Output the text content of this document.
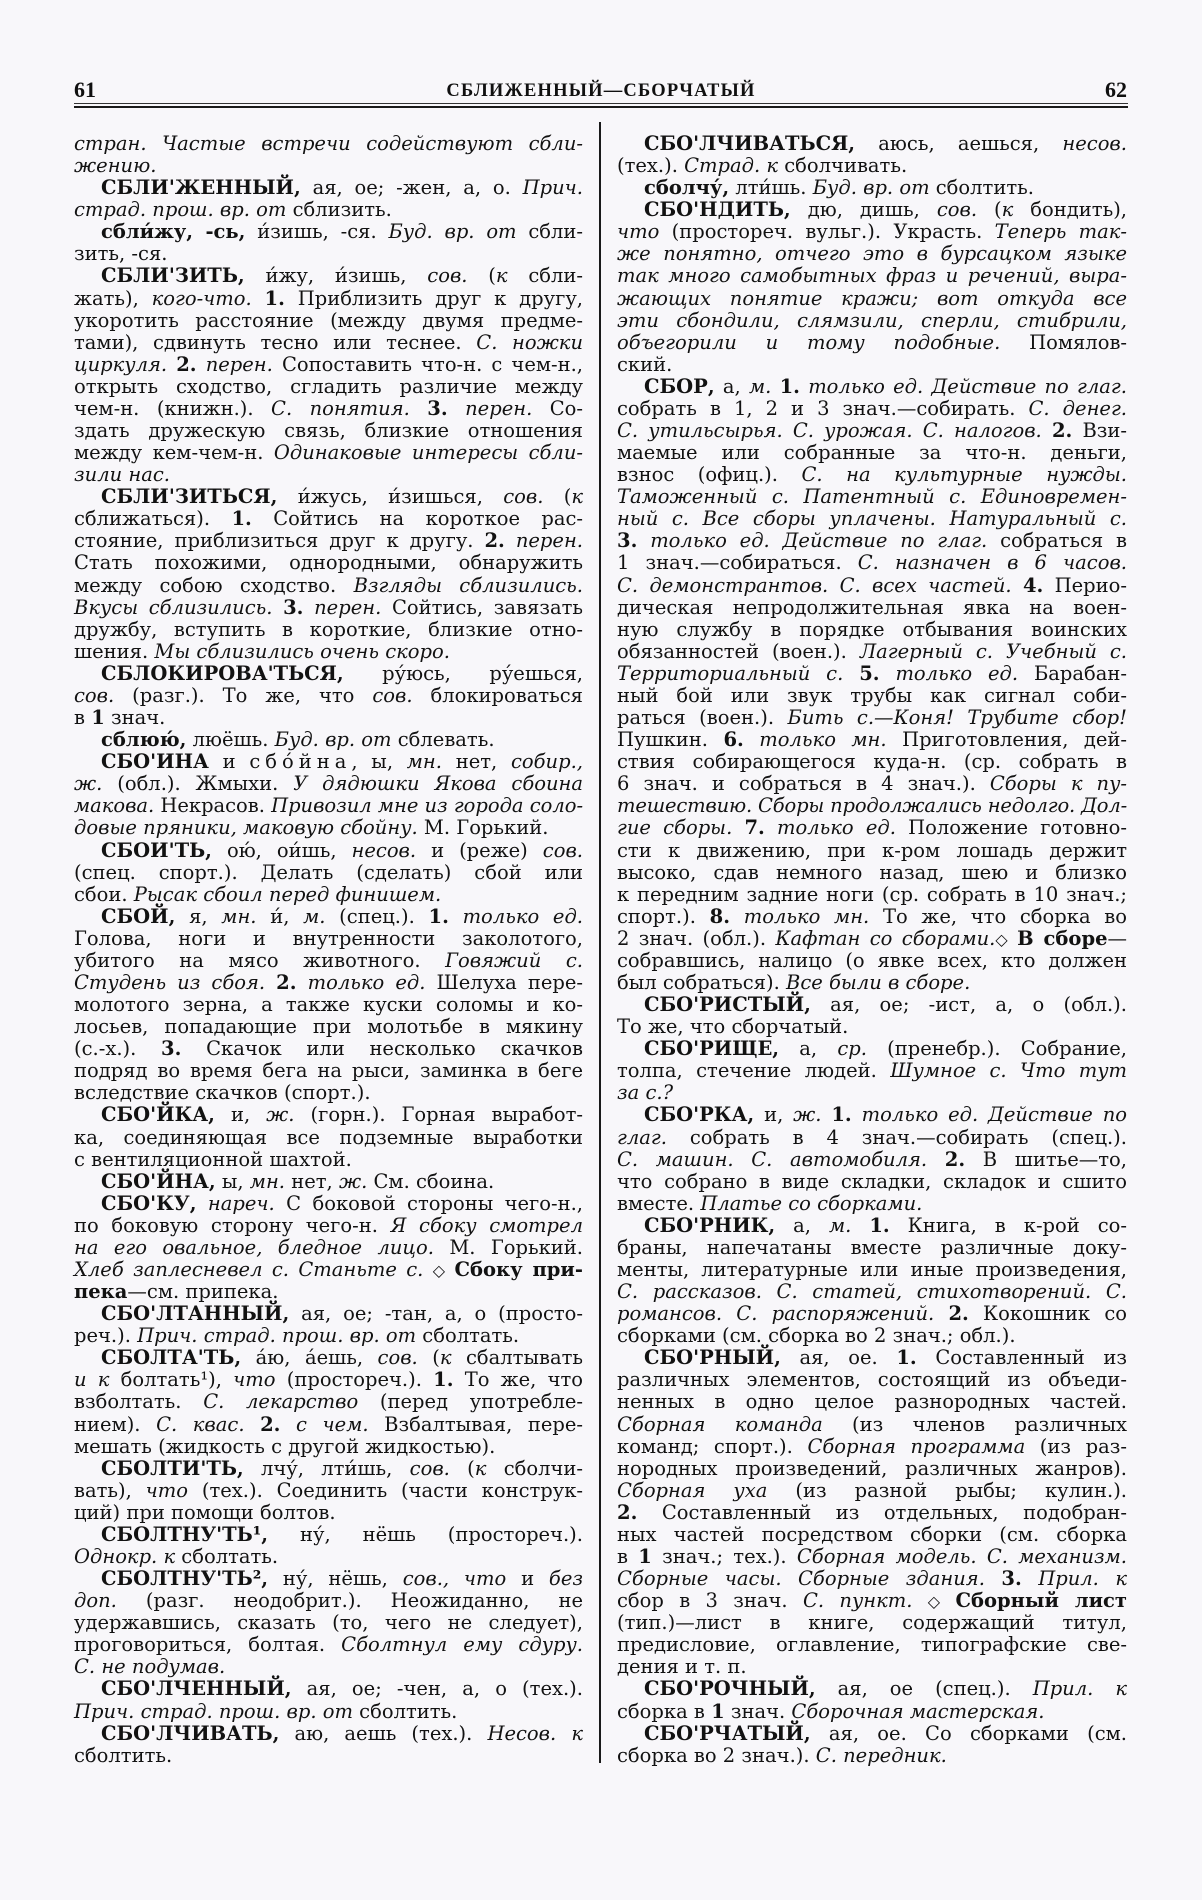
61	СБЛИЖЕННЫЙ—СБОРЧАТЫЙ	62
стран. Частые встречи содействуют сбли-
жению.
СБЛИ'ЖЕННЫЙ, ая, ое; -жен, а, о. Прич.
страд. прош. вр. от сблизить.
сбли́жу, -сь, и́зишь, -ся. Буд. вр. от сбли-
зить, -ся.
СБЛИ'ЗИТЬ, и́жу, и́зишь, сов. (к сбли-
жать), кого-что. 1. Приблизить друг к другу,
укоротить расстояние (между двумя предме-
тами), сдвинуть тесно или теснее. С. ножки
циркуля. 2. перен. Сопоставить что-н. с чем-н.,
открыть сходство, сгладить различие между
чем-н. (книжн.). С. понятия. 3. перен. Со-
здать дружескую связь, близкие отношения
между кем-чем-н. Одинаковые интересы сбли-
зили нас.
СБЛИ'ЗИТЬСЯ, и́жусь, и́зишься, сов. (к
сближаться). 1. Сойтись на короткое рас-
стояние, приблизиться друг к другу. 2. перен.
Стать похожими, однородными, обнаружить
между собою сходство. Взгляды сблизились.
Вкусы сблизились. 3. перен. Сойтись, завязать
дружбу, вступить в короткие, близкие отно-
шения. Мы сблизились очень скоро.
СБЛОКИРОВА'ТЬСЯ, ру́юсь, ру́ешься,
сов. (разг.). То же, что сов. блокироваться
в 1 знач.
сблюю́, люёшь. Буд. вр. от сблевать.
СБО'ИНА и сбо́йна, ы, мн. нет, собир.,
ж. (обл.). Жмыхи. У дядюшки Якова сбоина
макова. Некрасов. Привозил мне из города соло-
довые пряники, маковую сбойну. М. Горький.
СБОИ'ТЬ, ою́, ои́шь, несов. и (реже) сов.
(спец. спорт.). Делать (сделать) сбой или
сбои. Рысак сбоил перед финишем.
СБОЙ, я, мн. и́, м. (спец.). 1. только ед.
Голова, ноги и внутренности заколотого,
убитого на мясо животного. Говяжий с.
Студень из сбоя. 2. только ед. Шелуха пере-
молотого зерна, а также куски соломы и ко-
лосьев, попадающие при молотьбе в мякину
(с.-х.). 3. Скачок или несколько скачков
подряд во время бега на рыси, заминка в беге
вследствие скачков (спорт.).
СБО'ЙКА, и, ж. (горн.). Горная выработ-
ка, соединяющая все подземные выработки
с вентиляционной шахтой.
СБО'ЙНА, ы, мн. нет, ж. См. сбоина.
СБО'КУ, нареч. С боковой стороны чего-н.,
по боковую сторону чего-н. Я сбоку смотрел
на его овальное, бледное лицо. М. Горький.
Хлеб заплесневел с. Станьте с. ◇ Сбоку при-
пека—см. припека.
СБО'ЛТАННЫЙ, ая, ое; -тан, а, о (просто-
реч.). Прич. страд. прош. вр. от сболтать.
СБОЛТА'ТЬ, а́ю, а́ешь, сов. (к сбалтывать
и к болтать¹), что (простореч.). 1. То же, что
взболтать. С. лекарство (перед употребле-
нием). С. квас. 2. с чем. Взбалтывая, пере-
мешать (жидкость с другой жидкостью).
СБОЛТИ'ТЬ, лчу́, лти́шь, сов. (к сболчи-
вать), что (тех.). Соединить (части конструк-
ций) при помощи болтов.
СБОЛТНУ'ТЬ¹, ну́, нёшь (простореч.).
Однокр. к сболтать.
СБОЛТНУ'ТЬ², ну́, нёшь, сов., что и без
доп. (разг. неодобрит.). Неожиданно, не
удержавшись, сказать (то, чего не следует),
проговориться, болтая. Сболтнул ему сдуру.
С. не подумав.
СБО'ЛЧЕННЫЙ, ая, ое; -чен, а, о (тех.).
Прич. страд. прош. вр. от сболтить.
СБО'ЛЧИВАТЬ, аю, аешь (тех.). Несов. к
сболтить.
СБО'ЛЧИВАТЬСЯ, аюсь, аешься, несов.
(тех.). Страд. к сболчивать.
сболчу́, лти́шь. Буд. вр. от сболтить.
СБО'НДИТЬ, дю, дишь, сов. (к бондить),
что (простореч. вульг.). Украсть. Теперь так-
же понятно, отчего это в бурсацком языке
так много самобытных фраз и речений, выра-
жающих понятие кражи; вот откуда все
эти сбондили, слямзили, сперли, стибрили,
объегорили и тому подобные. Помялов-
ский.
СБОР, а, м. 1. только ед. Действие по глаг.
собрать в 1, 2 и 3 знач.—собирать. С. денег.
С. утильсырья. С. урожая. С. налогов. 2. Взи-
маемые или собранные за что-н. деньги,
взнос (офиц.). С. на культурные нужды.
Таможенный с. Патентный с. Единовремен-
ный с. Все сборы уплачены. Натуральный с.
3. только ед. Действие по глаг. собраться в
1 знач.—собираться. С. назначен в 6 часов.
С. демонстрантов. С. всех частей. 4. Перио-
дическая непродолжительная явка на воен-
ную службу в порядке отбывания воинских
обязанностей (воен.). Лагерный с. Учебный с.
Территориальный с. 5. только ед. Барабан-
ный бой или звук трубы как сигнал соби-
раться (воен.). Бить с.—Коня! Трубите сбор!
Пушкин. 6. только мн. Приготовления, дей-
ствия собирающегося куда-н. (ср. собрать в
6 знач. и собраться в 4 знач.). Сборы к пу-
тешествию. Сборы продолжались недолго. Дол-
гие сборы. 7. только ед. Положение готовно-
сти к движению, при к-ром лошадь держит
высоко, сдав немного назад, шею и близко
к передним задние ноги (ср. собрать в 10 знач.;
спорт.). 8. только мн. То же, что сборка во
2 знач. (обл.). Кафтан со сборами.◇ В сборе—
собравшись, налицо (о явке всех, кто должен
был собраться). Все были в сборе.
СБО'РИСТЫЙ, ая, ое; -ист, а, о (обл.).
То же, что сборчатый.
СБО'РИЩЕ, а, ср. (пренебр.). Собрание,
толпа, стечение людей. Шумное с. Что тут
за с.?
СБО'РКА, и, ж. 1. только ед. Действие по
глаг. собрать в 4 знач.—собирать (спец.).
С. машин. С. автомобиля. 2. В шитье—то,
что собрано в виде складки, складок и сшито
вместе. Платье со сборками.
СБО'РНИК, а, м. 1. Книга, в к-рой со-
браны, напечатаны вместе различные доку-
менты, литературные или иные произведения,
С. рассказов. С. статей, стихотворений. С.
романсов. С. распоряжений. 2. Кокошник со
сборками (см. сборка во 2 знач.; обл.).
СБО'РНЫЙ, ая, ое. 1. Составленный из
различных элементов, состоящий из объеди-
ненных в одно целое разнородных частей.
Сборная команда (из членов различных
команд; спорт.). Сборная программа (из раз-
нородных произведений, различных жанров).
Сборная уха (из разной рыбы; кулин.).
2. Составленный из отдельных, подобран-
ных частей посредством сборки (см. сборка
в 1 знач.; тех.). Сборная модель. С. механизм.
Сборные часы. Сборные здания. 3. Прил. к
сбор в 3 знач. С. пункт. ◇ Сборный лист
(тип.)—лист в книге, содержащий титул,
предисловие, оглавление, типографские све-
дения и т. п.
СБО'РОЧНЫЙ, ая, ое (спец.). Прил. к
сборка в 1 знач. Сборочная мастерская.
СБО'РЧАТЫЙ, ая, ое. Со сборками (см.
сборка во 2 знач.). С. передник.
